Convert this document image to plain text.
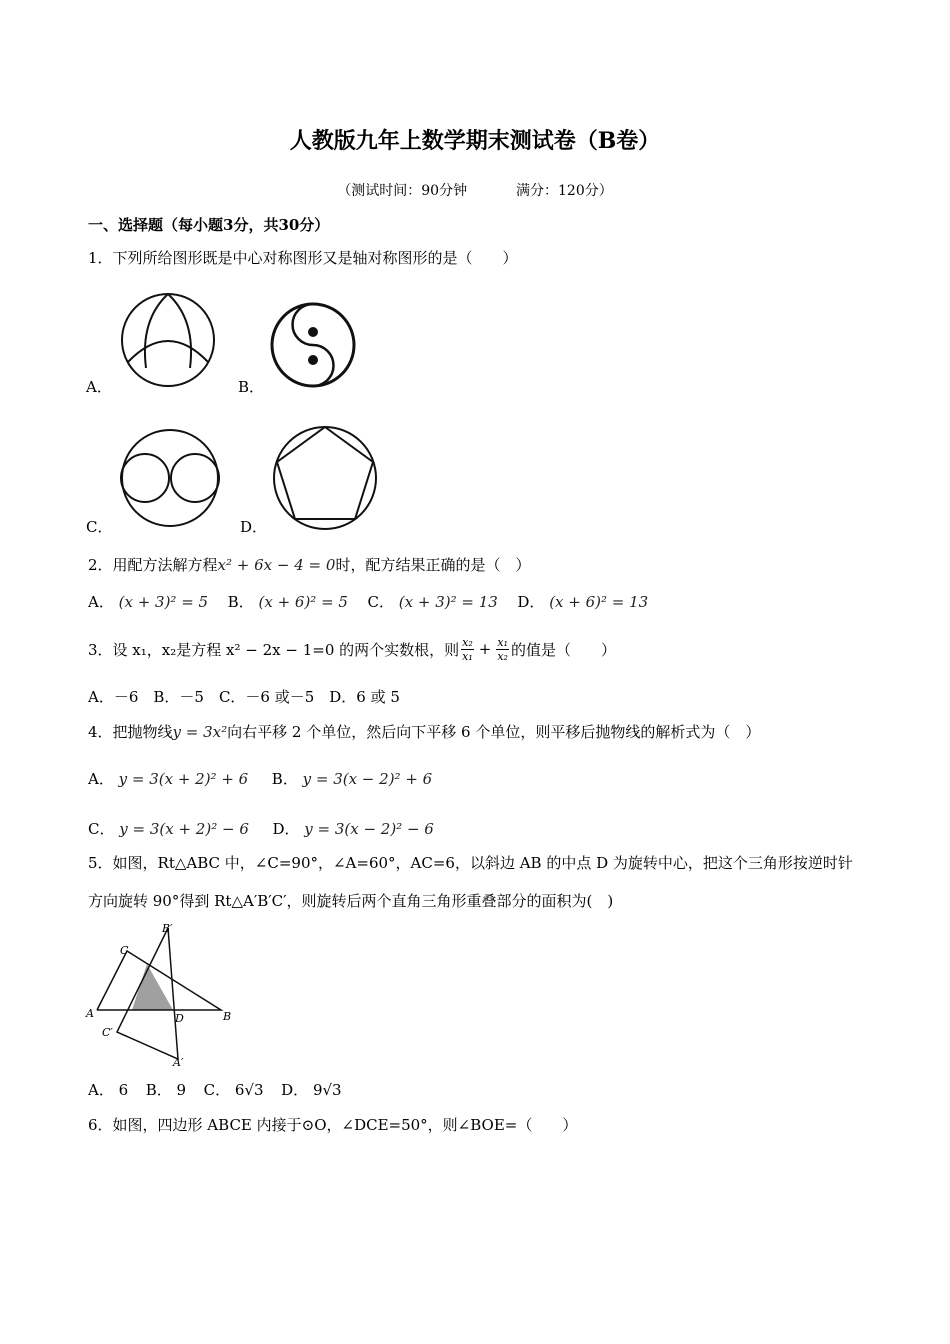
人教版九年上数学期末测试卷（B卷）
（测试时间：90分钟	满分：120分）
一、选择题（每小题3分，共30分）
1．下列所给图形既是中心对称图形又是轴对称图形的是（　　）
A．	B．
C．	D．
2．用配方法解方程x² + 6x − 4 = 0时，配方结果正确的是（　）
A． (x + 3)² = 5 B． (x + 6)² = 5 C． (x + 3)² = 13 D． (x + 6)² = 13
3．设 x₁，x₂是方程 x² − 2x − 1=0 的两个实数根，则 $\frac{\text{x₂}}{\text{x₁}} + \frac{\text{x₁}}{\text{x₂}}$ 的值是（　　）
A．－6　B．－5　C．－6 或－5　D．6 或 5
4．把抛物线y = 3x²向右平移 2 个单位，然后向下平移 6 个单位，则平移后抛物线的解析式为（　）
A． y = 3(x + 2)² + 6 B． y = 3(x − 2)² + 6
C． y = 3(x + 2)² − 6 D． y = 3(x − 2)² − 6
5．如图，Rt△ABC 中，∠C=90°，∠A=60°，AC=6，以斜边 AB 的中点 D 为旋转中心，把这个三角形按逆时针
方向旋转 90°得到 Rt△A′B′C′，则旋转后两个直角三角形重叠部分的面积为(　)
A	B
C
D
A′
B′
C′
A． 6 B． 9 C． 6√3 D． 9√3
6．如图，四边形 ABCE 内接于⊙O，∠DCE=50°，则∠BOE=（　　）
